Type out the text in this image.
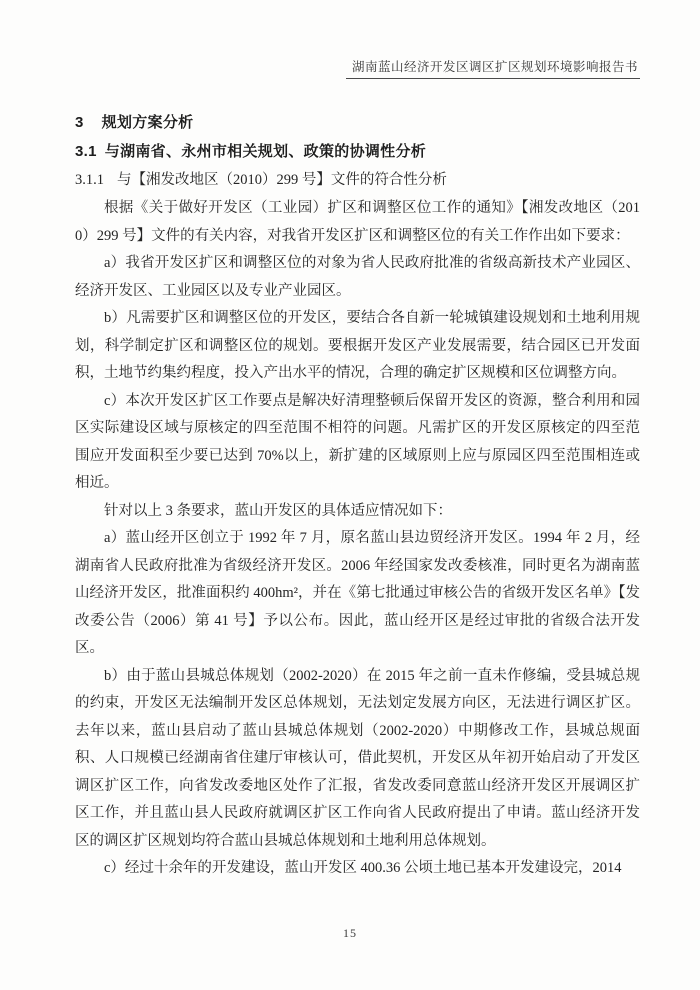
湖南蓝山经济开发区调区扩区规划环境影响报告书
3 规划方案分析
3.1 与湖南省、永州市相关规划、政策的协调性分析
3.1.1 与【湘发改地区（2010）299 号】文件的符合性分析

根据《关于做好开发区（工业园）扩区和调整区位工作的通知》【湘发改地区（2010）299 号】文件的有关内容，对我省开发区扩区和调整区位的有关工作作出如下要求：

a）我省开发区扩区和调整区位的对象为省人民政府批准的省级高新技术产业园区、经济开发区、工业园区以及专业产业园区。

b）凡需要扩区和调整区位的开发区，要结合各自新一轮城镇建设规划和土地利用规划，科学制定扩区和调整区位的规划。要根据开发区产业发展需要，结合园区已开发面积，土地节约集约程度，投入产出水平的情况，合理的确定扩区规模和区位调整方向。

c）本次开发区扩区工作要点是解决好清理整顿后保留开发区的资源，整合利用和园区实际建设区域与原核定的四至范围不相符的问题。凡需扩区的开发区原核定的四至范围应开发面积至少要已达到 70%以上，新扩建的区域原则上应与原园区四至范围相连或相近。

针对以上 3 条要求，蓝山开发区的具体适应情况如下：

a）蓝山经开区创立于 1992 年 7 月，原名蓝山县边贸经济开发区。1994 年 2 月，经湖南省人民政府批准为省级经济开发区。2006 年经国家发改委核准，同时更名为湖南蓝山经济开发区，批准面积约 400hm²，并在《第七批通过审核公告的省级开发区名单》【发改委公告（2006）第 41 号】予以公布。因此，蓝山经开区是经过审批的省级合法开发区。

b）由于蓝山县城总体规划（2002-2020）在 2015 年之前一直未作修编，受县城总规的约束，开发区无法编制开发区总体规划，无法划定发展方向区，无法进行调区扩区。去年以来，蓝山县启动了蓝山县城总体规划（2002-2020）中期修改工作，县城总规面积、人口规模已经湖南省住建厅审核认可，借此契机，开发区从年初开始启动了开发区调区扩区工作，向省发改委地区处作了汇报，省发改委同意蓝山经济开发区开展调区扩区工作，并且蓝山县人民政府就调区扩区工作向省人民政府提出了申请。蓝山经济开发区的调区扩区规划均符合蓝山县城总体规划和土地利用总体规划。

c）经过十余年的开发建设，蓝山开发区 400.36 公顷土地已基本开发建设完，2014

15
